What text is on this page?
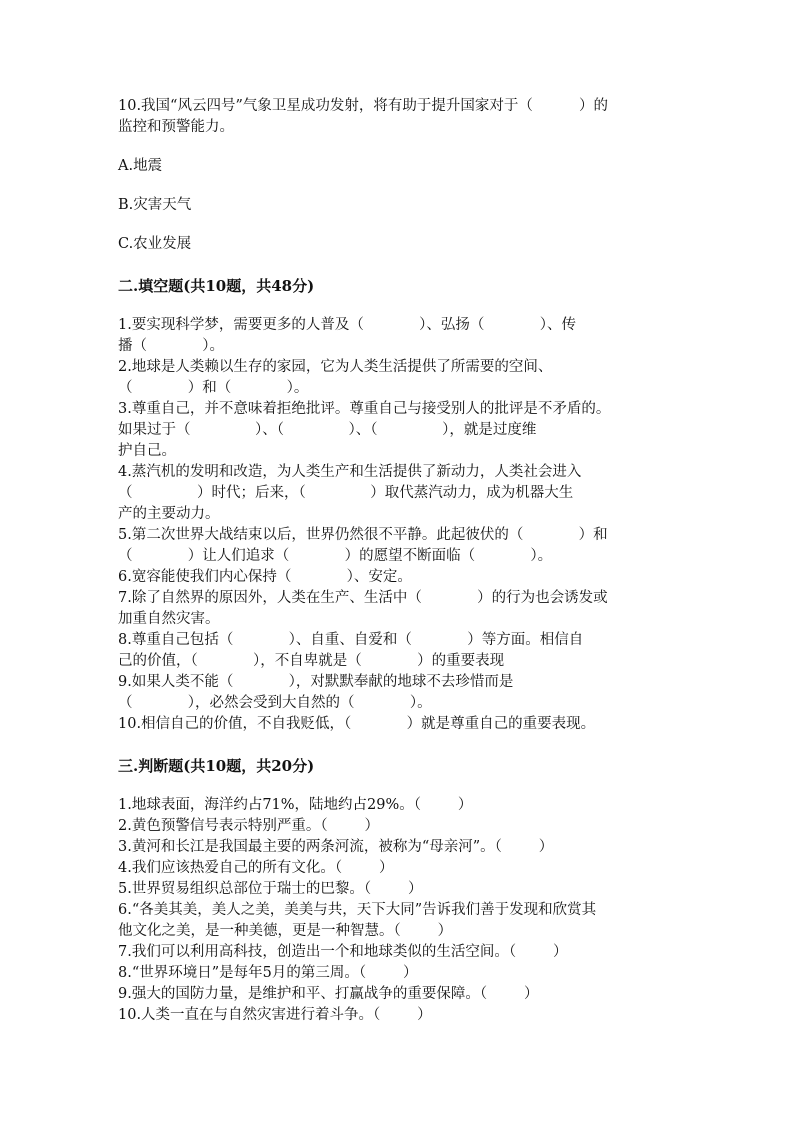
10.我国“风云四号”气象卫星成功发射，将有助于提升国家对于（          ）的

监控和预警能力。

A.地震

B.灾害天气

C.农业发展

二.填空题(共10题，共48分)

1.要实现科学梦，需要更多的人普及（            ）、弘扬（            ）、传

播（            ）。

2.地球是人类赖以生存的家园，它为人类生活提供了所需要的空间、

（            ）和（            ）。

3.尊重自己，并不意味着拒绝批评。尊重自己与接受别人的批评是不矛盾的。

如果过于（              ）、（              ）、（              ），就是过度维

护自己。

4.蒸汽机的发明和改造，为人类生产和生活提供了新动力，人类社会进入

（              ）时代；后来，（              ）取代蒸汽动力，成为机器大生

产的主要动力。

5.第二次世界大战结束以后，世界仍然很不平静。此起彼伏的（            ）和

（            ）让人们追求（            ）的愿望不断面临（            ）。

6.宽容能使我们内心保持（            ）、安定。

7.除了自然界的原因外，人类在生产、生活中（            ）的行为也会诱发或

加重自然灾害。

8.尊重自己包括（            ）、自重、自爱和（            ）等方面。相信自

己的价值，（            ），不自卑就是（            ）的重要表现

9.如果人类不能（            ），对默默奉献的地球不去珍惜而是

（            ），必然会受到大自然的（            ）。

10.相信自己的价值，不自我贬低，（            ）就是尊重自己的重要表现。

三.判断题(共10题，共20分)

1.地球表面，海洋约占71%，陆地约占29%。（        ）

2.黄色预警信号表示特别严重。（        ）

3.黄河和长江是我国最主要的两条河流，被称为“母亲河”。（        ）

4.我们应该热爱自己的所有文化。（        ）

5.世界贸易组织总部位于瑞士的巴黎。（        ）

6.“各美其美，美人之美，美美与共，天下大同”告诉我们善于发现和欣赏其

他文化之美，是一种美德，更是一种智慧。（        ）

7.我们可以利用高科技，创造出一个和地球类似的生活空间。（        ）

8.“世界环境日”是每年5月的第三周。（        ）

9.强大的国防力量，是维护和平、打赢战争的重要保障。（        ）

10.人类一直在与自然灾害进行着斗争。（        ）
